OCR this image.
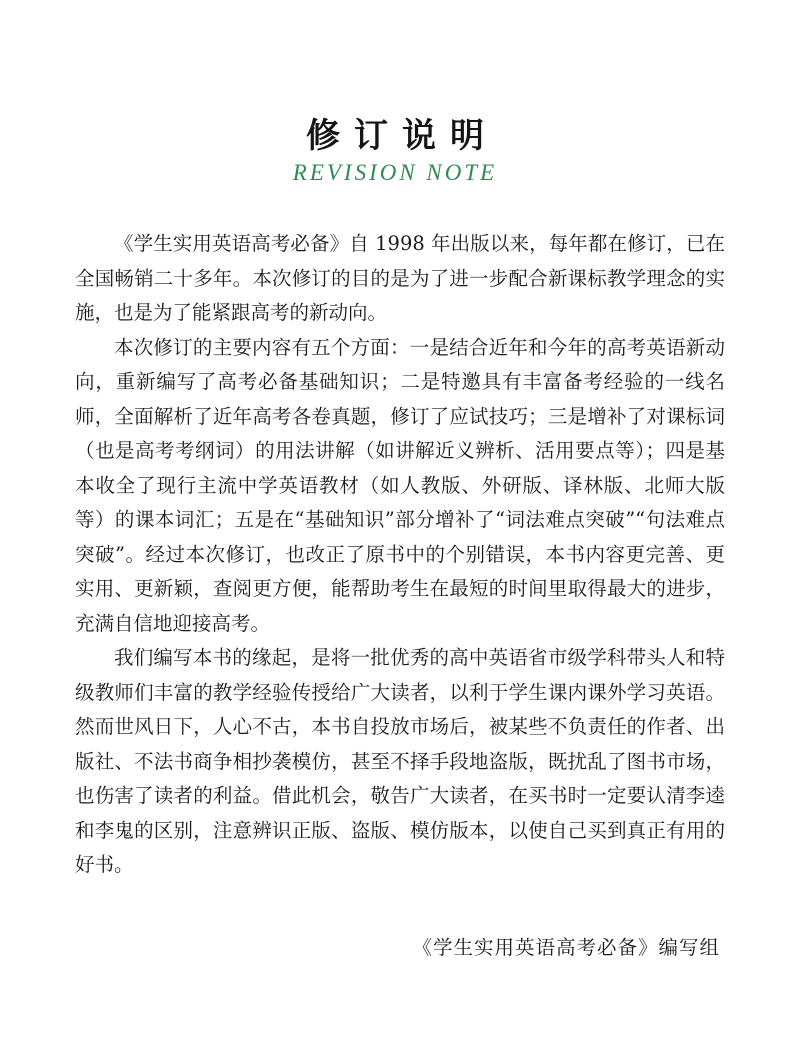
修订说明
REVISION NOTE

《学生实用英语高考必备》自 1998 年出版以来，每年都在修订，已在全国畅销二十多年。本次修订的目的是为了进一步配合新课标教学理念的实施，也是为了能紧跟高考的新动向。

本次修订的主要内容有五个方面：一是结合近年和今年的高考英语新动向，重新编写了高考必备基础知识；二是特邀具有丰富备考经验的一线名师，全面解析了近年高考各卷真题，修订了应试技巧；三是增补了对课标词（也是高考考纲词）的用法讲解（如讲解近义辨析、活用要点等）；四是基本收全了现行主流中学英语教材（如人教版、外研版、译林版、北师大版等）的课本词汇；五是在“基础知识”部分增补了“词法难点突破”“句法难点突破”。经过本次修订，也改正了原书中的个别错误，本书内容更完善、更实用、更新颖，查阅更方便，能帮助考生在最短的时间里取得最大的进步，充满自信地迎接高考。

我们编写本书的缘起，是将一批优秀的高中英语省市级学科带头人和特级教师们丰富的教学经验传授给广大读者，以利于学生课内课外学习英语。然而世风日下，人心不古，本书自投放市场后，被某些不负责任的作者、出版社、不法书商争相抄袭模仿，甚至不择手段地盗版，既扰乱了图书市场，也伤害了读者的利益。借此机会，敬告广大读者，在买书时一定要认清李逵和李鬼的区别，注意辨识正版、盗版、模仿版本，以使自己买到真正有用的好书。

《学生实用英语高考必备》编写组
